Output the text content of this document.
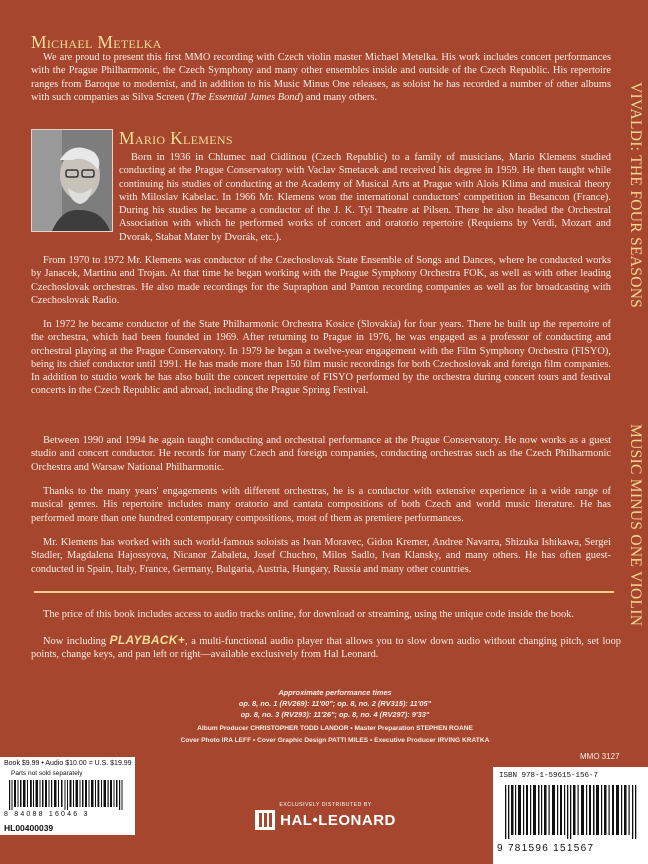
VIVALDI: THE FOUR SEASONS
MUSIC MINUS ONE VIOLIN
Michael Metelka
We are proud to present this first MMO recording with Czech violin master Michael Metelka. His work includes concert performances with the Prague Philharmonic, the Czech Symphony and many other ensembles inside and outside of the Czech Republic. His repertoire ranges from Baroque to modernist, and in addition to his Music Minus One releases, as soloist he has recorded a number of other albums with such companies as Silva Screen (The Essential James Bond) and many others.
Mario Klemens
Born in 1936 in Chlumec nad Cidlinou (Czech Republic) to a family of musicians, Mario Klemens studied conducting at the Prague Conservatory with Vaclav Smetacek and received his degree in 1959. He then taught while continuing his studies of conducting at the Academy of Musical Arts at Prague with Alois Klima and musical theory with Miloslav Kabelac. In 1966 Mr. Klemens won the international conductors' competition in Besancon (France). During his studies he became a conductor of the J. K. Tyl Theatre at Pilsen. There he also headed the Orchestral Association with which he performed works of concert and oratorio repertoire (Requiems by Verdi, Mozart and Dvorak, Stabat Mater by Dvorák, etc.).
From 1970 to 1972 Mr. Klemens was conductor of the Czechoslovak State Ensemble of Songs and Dances, where he conducted works by Janacek, Martinu and Trojan. At that time he began working with the Prague Symphony Orchestra FOK, as well as with other leading Czechoslovak orchestras. He also made recordings for the Supraphon and Panton recording companies as well as for broadcasting with Czechoslovak Radio.
In 1972 he became conductor of the State Philharmonic Orchestra Kosice (Slovakia) for four years. There he built up the repertoire of the orchestra, which had been founded in 1969. After returning to Prague in 1976, he was engaged as a professor of conducting and orchestral playing at the Prague Conservatory. In 1979 he began a twelve-year engagement with the Film Symphony Orchestra (FISYO), being its chief conductor until 1991. He has made more than 150 film music recordings for both Czechoslovak and foreign film companies. In addition to studio work he has also built the concert repertoire of FISYO performed by the orchestra during concert tours and festival concerts in the Czech Republic and abroad, including the Prague Spring Festival.
Between 1990 and 1994 he again taught conducting and orchestral performance at the Prague Conservatory. He now works as a guest studio and concert conductor. He records for many Czech and foreign companies, conducting orchestras such as the Czech Philharmonic Orchestra and Warsaw National Philharmonic.
Thanks to the many years' engagements with different orchestras, he is a conductor with extensive experience in a wide range of musical genres. His repertoire includes many oratorio and cantata compositions of both Czech and world music literature. He has performed more than one hundred contemporary compositions, most of them as premiere performances.
Mr. Klemens has worked with such world-famous soloists as Ivan Moravec, Gidon Kremer, Andree Navarra, Shizuka Ishikawa, Sergei Stadler, Magdalena Hajossyova, Nicanor Zabaleta, Josef Chuchro, Milos Sadlo, Ivan Klansky, and many others. He has often guest-conducted in Spain, Italy, France, Germany, Bulgaria, Austria, Hungary, Russia and many other countries.
The price of this book includes access to audio tracks online, for download or streaming, using the unique code inside the book.
Now including PLAYBACK+, a multi-functional audio player that allows you to slow down audio without changing pitch, set loop points, change keys, and pan left or right—available exclusively from Hal Leonard.
Approximate performance times
op. 8, no. 1 (RV269): 11'00"; op. 8, no. 2 (RV315): 11'05"
op. 8, no. 3 (RV293): 11'26"; op. 8, no. 4 (RV297): 9'33"
Album Producer CHRISTOPHER TODD LANDOR • Master Preparation STEPHEN ROANE
Cover Photo IRA LEFF • Cover Graphic Design PATTI MILES • Executive Producer IRVING KRATKA
MMO 3127
Book $9.99 • Audio $10.00 = U.S. $19.99
Parts not sold separately
8 84088 16046 3
HL00400039
EXCLUSIVELY DISTRIBUTED BY
HAL•LEONARD
ISBN 978-1-59615-156-7
9 781596 151567
